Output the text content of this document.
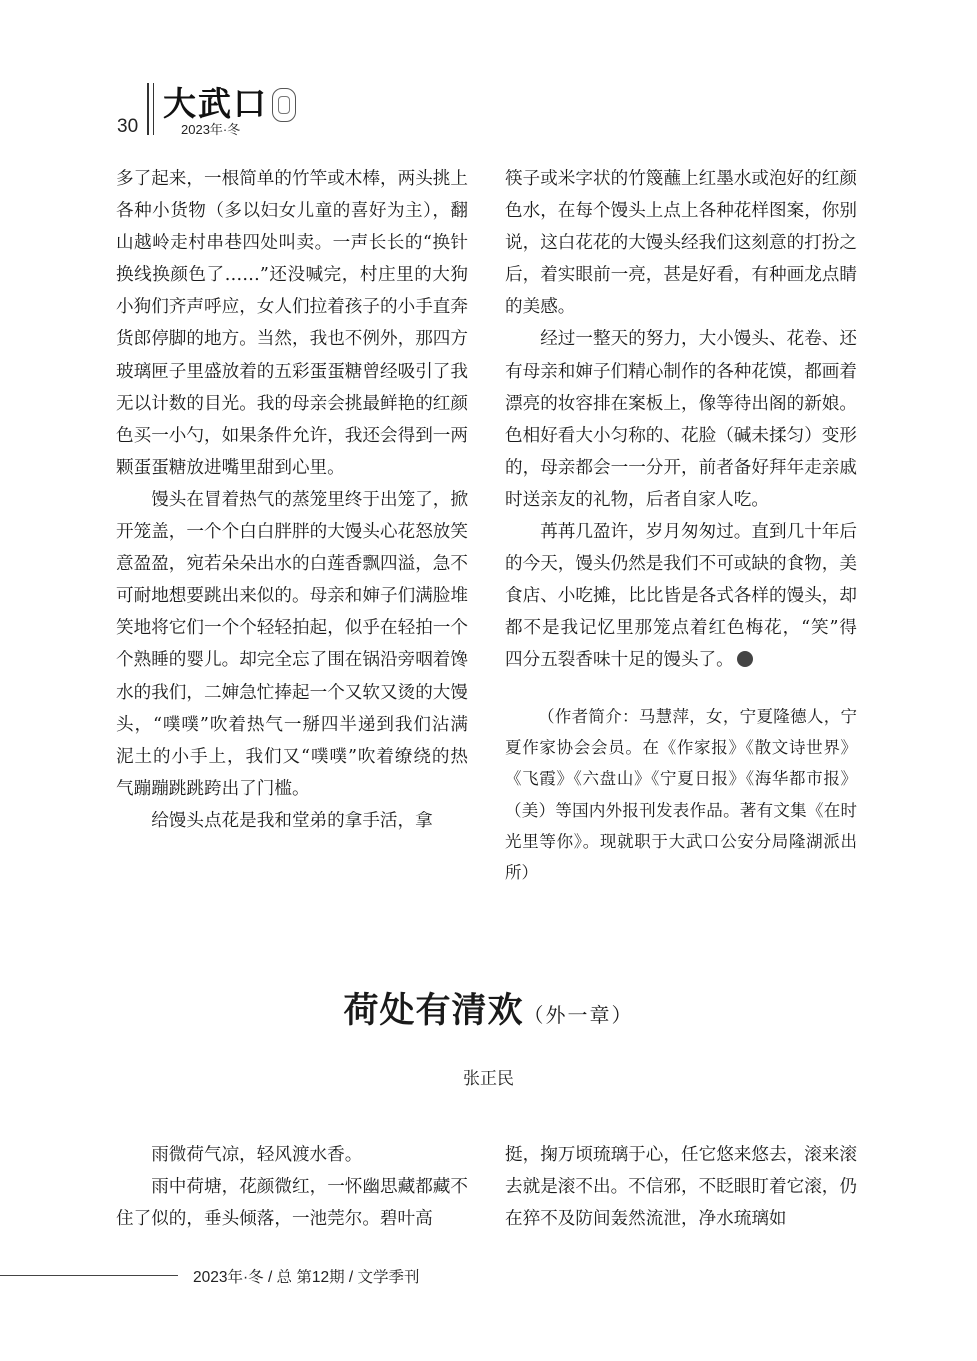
30
大武口
2023年·冬

多了起来，一根简单的竹竿或木棒，两头挑上各种小货物（多以妇女儿童的喜好为主），翻山越岭走村串巷四处叫卖。一声长长的“换针换线换颜色了……”还没喊完，村庄里的大狗小狗们齐声呼应，女人们拉着孩子的小手直奔货郎停脚的地方。当然，我也不例外，那四方玻璃匣子里盛放着的五彩蛋蛋糖曾经吸引了我无以计数的目光。我的母亲会挑最鲜艳的红颜色买一小勺，如果条件允许，我还会得到一两颗蛋蛋糖放进嘴里甜到心里。

馒头在冒着热气的蒸笼里终于出笼了，掀开笼盖，一个个白白胖胖的大馒头心花怒放笑意盈盈，宛若朵朵出水的白莲香飘四溢，急不可耐地想要跳出来似的。母亲和婶子们满脸堆笑地将它们一个个轻轻拍起，似乎在轻拍一个个熟睡的婴儿。却完全忘了围在锅沿旁咽着馋水的我们，二婶急忙捧起一个又软又烫的大馒头，“噗噗”吹着热气一掰四半递到我们沾满泥土的小手上，我们又“噗噗”吹着缭绕的热气蹦蹦跳跳跨出了门槛。

给馒头点花是我和堂弟的拿手活，拿

筷子或米字状的竹篾蘸上红墨水或泡好的红颜色水，在每个馒头上点上各种花样图案，你别说，这白花花的大馒头经我们这刻意的打扮之后，着实眼前一亮，甚是好看，有种画龙点睛的美感。

经过一整天的努力，大小馒头、花卷、还有母亲和婶子们精心制作的各种花馍，都画着漂亮的妆容排在案板上，像等待出阁的新娘。色相好看大小匀称的、花脸（碱未揉匀）变形的，母亲都会一一分开，前者备好拜年走亲戚时送亲友的礼物，后者自家人吃。

苒苒几盈许，岁月匆匆过。直到几十年后的今天，馒头仍然是我们不可或缺的食物，美食店、小吃摊，比比皆是各式各样的馒头，却都不是我记忆里那笼点着红色梅花，“笑”得四分五裂香味十足的馒头了。

（作者简介：马慧萍，女，宁夏隆德人，宁夏作家协会会员。在《作家报》《散文诗世界》《飞霞》《六盘山》《宁夏日报》《海华都市报》（美）等国内外报刊发表作品。著有文集《在时光里等你》。现就职于大武口公安分局隆湖派出所）

荷处有清欢（外一章）
张正民

雨微荷气凉，轻风渡水香。

雨中荷塘，花颜微红，一怀幽思藏都藏不住了似的，垂头倾落，一池莞尔。碧叶高

挺，掬万顷琉璃于心，任它悠来悠去，滚来滚去就是滚不出。不信邪，不眨眼盯着它滚，仍在猝不及防间轰然流泄，净水琉璃如

2023年·冬 / 总 第12期 / 文学季刊
